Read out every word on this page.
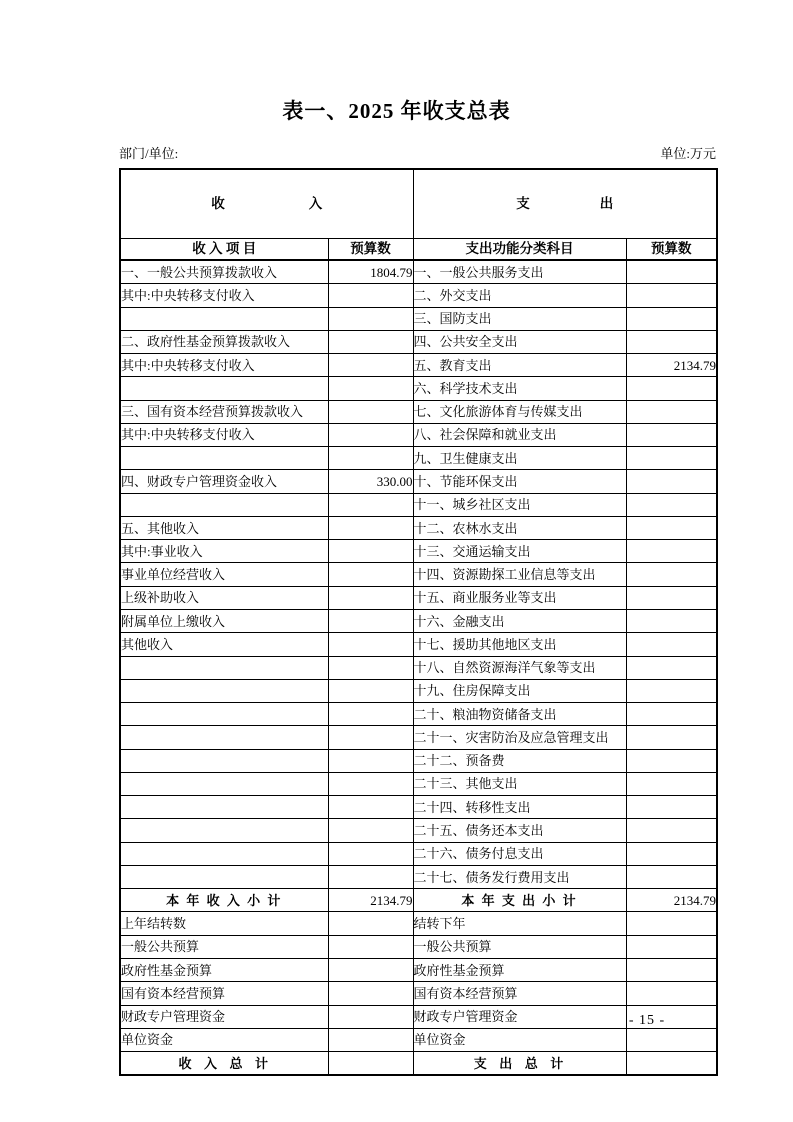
表一、2025 年收支总表
部门/单位:	单位:万元

收 入		支 出	

收 入 项 目	预算数	支出功能分类科目	预算数
一、一般公共预算拨款收入	1804.79	一、一般公共服务支出	
其中:中央转移支付收入		二、外交支出	
		三、国防支出	
二、政府性基金预算拨款收入		四、公共安全支出	
其中:中央转移支付收入		五、教育支出	2134.79
		六、科学技术支出	
三、国有资本经营预算拨款收入		七、文化旅游体育与传媒支出	
其中:中央转移支付收入		八、社会保障和就业支出	
		九、卫生健康支出	
四、财政专户管理资金收入	330.00	十、节能环保支出	
		十一、城乡社区支出	
五、其他收入		十二、农林水支出	
其中:事业收入		十三、交通运输支出	
事业单位经营收入		十四、资源勘探工业信息等支出	
上级补助收入		十五、商业服务业等支出	
附属单位上缴收入		十六、金融支出	
其他收入		十七、援助其他地区支出	
		十八、自然资源海洋气象等支出	
		十九、住房保障支出	
		二十、粮油物资储备支出	
		二十一、灾害防治及应急管理支出	
		二十二、预备费	
		二十三、其他支出	
		二十四、转移性支出	
		二十五、债务还本支出	
		二十六、债务付息支出	
		二十七、债务发行费用支出	
本 年 收 入 小 计	2134.79	本 年 支 出 小 计	2134.79
上年结转数		结转下年	
一般公共预算		一般公共预算	
政府性基金预算		政府性基金预算	
国有资本经营预算		国有资本经营预算	
财政专户管理资金		财政专户管理资金	
单位资金		单位资金	
收  入  总  计		支  出  总  计	
- 15 -
